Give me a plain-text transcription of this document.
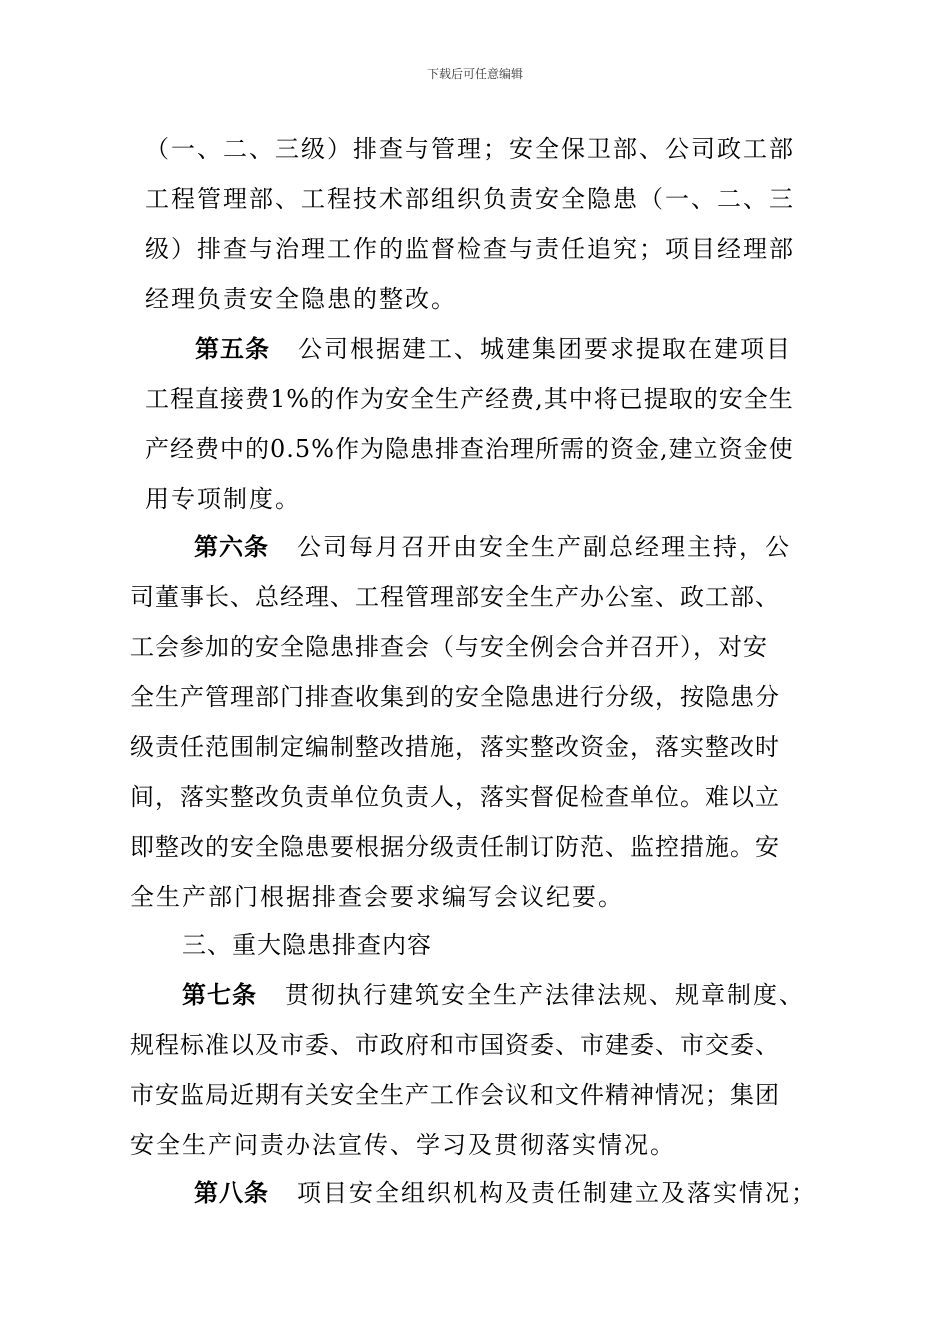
下载后可任意编辑
（一、二、三级）排查与管理；安全保卫部、公司政工部
工程管理部、工程技术部组织负责安全隐患（一、二、三
级）排查与治理工作的监督检查与责任追究；项目经理部
经理负责安全隐患的整改。
第五条 公司根据建工、城建集团要求提取在建项目
工程直接费1%的作为安全生产经费,其中将已提取的安全生
产经费中的0.5%作为隐患排查治理所需的资金,建立资金使
用专项制度。
第六条 公司每月召开由安全生产副总经理主持，公
司董事长、总经理、工程管理部安全生产办公室、政工部、
工会参加的安全隐患排查会（与安全例会合并召开），对安
全生产管理部门排查收集到的安全隐患进行分级，按隐患分
级责任范围制定编制整改措施，落实整改资金，落实整改时
间，落实整改负责单位负责人，落实督促检查单位。难以立
即整改的安全隐患要根据分级责任制订防范、监控措施。安
全生产部门根据排查会要求编写会议纪要。
三、重大隐患排查内容
第七条 贯彻执行建筑安全生产法律法规、规章制度、
规程标准以及市委、市政府和市国资委、市建委、市交委、
市安监局近期有关安全生产工作会议和文件精神情况；集团
安全生产问责办法宣传、学习及贯彻落实情况。
第八条 项目安全组织机构及责任制建立及落实情况；
